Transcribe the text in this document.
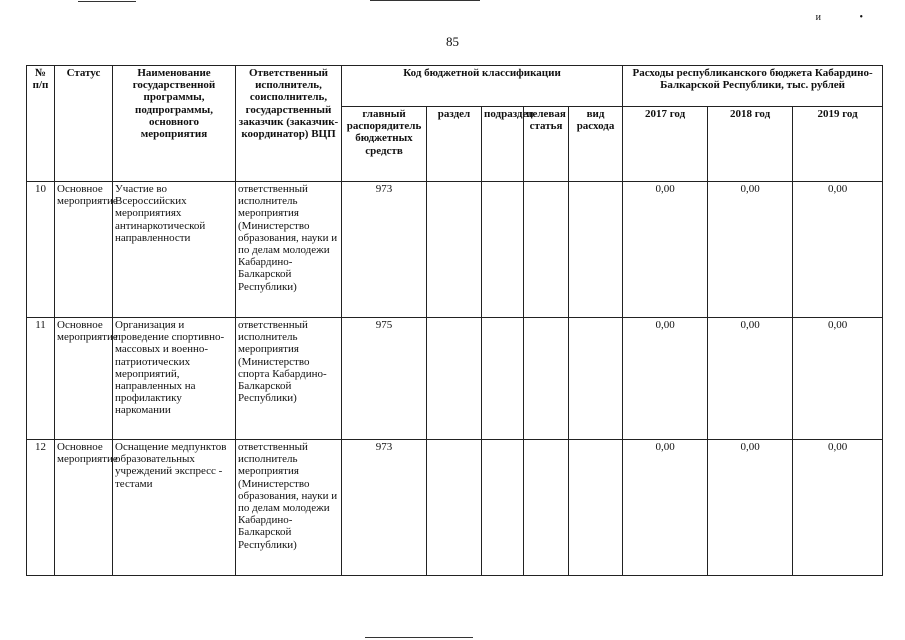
и •
85
№ п/п	Статус	Наименование государственной программы, подпрограммы, основного мероприятия	Ответственный исполнитель, соисполнитель, государственный заказчик (заказчик-координатор) ВЦП	Код бюджетной классификации					Расходы республиканского бюджета Кабардино-Балкарской Республики, тыс. рублей		
				главный распорядитель бюджетных средств	раздел	подраздел	целевая статья	вид расхода	2017 год	2018 год	2019 год
10	Основное мероприятие	Участие во Всероссийских мероприятиях антинаркотической направленности	ответственный исполнитель мероприятия (Министерство образования, науки и по делам молодежи Кабардино-Балкарской Республики)	973					0,00	0,00	0,00
11	Основное мероприятие	Организация и проведение спортивно-массовых и военно-патриотических мероприятий, направленных на профилактику наркомании	ответственный исполнитель мероприятия (Министерство спорта Кабардино-Балкарской Республики)	975					0,00	0,00	0,00
12	Основное мероприятие	Оснащение медпунктов образовательных учреждений экспресс - тестами	ответственный исполнитель мероприятия (Министерство образования, науки и по делам молодежи Кабардино-Балкарской Республики)	973					0,00	0,00	0,00
